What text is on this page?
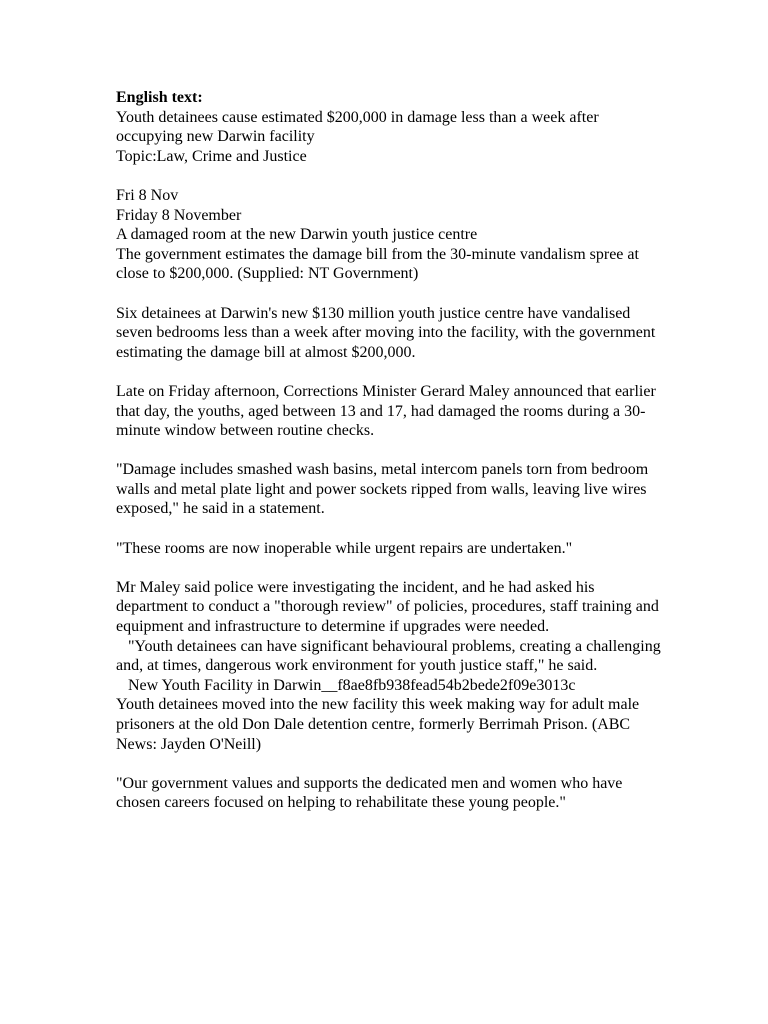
English text:
Youth detainees cause estimated $200,000 in damage less than a week after occupying new Darwin facility
Topic:Law, Crime and Justice
Fri 8 Nov
Friday 8 November
A damaged room at the new Darwin youth justice centre
The government estimates the damage bill from the 30-minute vandalism spree at close to $200,000. (Supplied: NT Government)
Six detainees at Darwin's new $130 million youth justice centre have vandalised seven bedrooms less than a week after moving into the facility, with the government estimating the damage bill at almost $200,000.
Late on Friday afternoon, Corrections Minister Gerard Maley announced that earlier that day, the youths, aged between 13 and 17, had damaged the rooms during a 30-minute window between routine checks.
"Damage includes smashed wash basins, metal intercom panels torn from bedroom walls and metal plate light and power sockets ripped from walls, leaving live wires exposed," he said in a statement.
"These rooms are now inoperable while urgent repairs are undertaken."
Mr Maley said police were investigating the incident, and he had asked his department to conduct a "thorough review" of policies, procedures, staff training and equipment and infrastructure to determine if upgrades were needed.
"Youth detainees can have significant behavioural problems, creating a challenging and, at times, dangerous work environment for youth justice staff," he said.
New Youth Facility in Darwin__f8ae8fb938fead54b2bede2f09e3013c
Youth detainees moved into the new facility this week making way for adult male prisoners at the old Don Dale detention centre, formerly Berrimah Prison. (ABC News: Jayden O'Neill)
"Our government values and supports the dedicated men and women who have chosen careers focused on helping to rehabilitate these young people."
